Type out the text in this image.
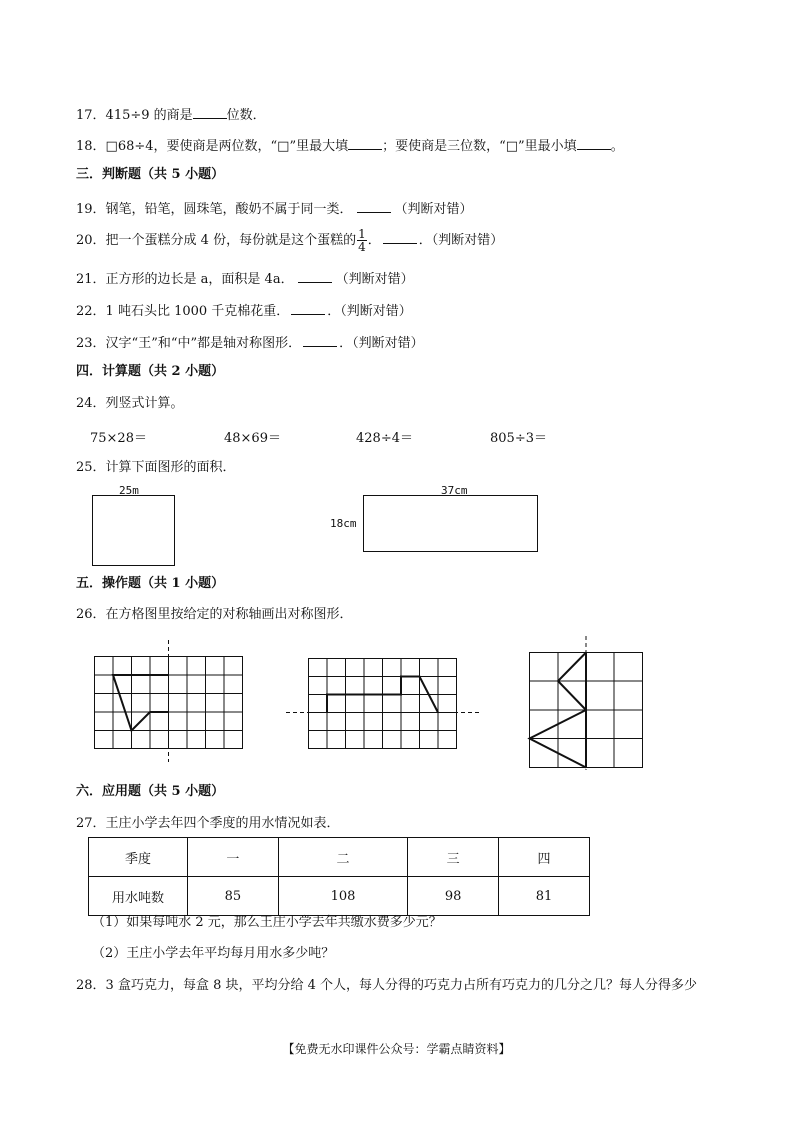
17．415÷9 的商是	位数．
18．□68÷4，要使商是两位数，“□”里最大填	；要使商是三位数，“□”里最小填	。
三．判断题（共 5 小题）
19．钢笔，铅笔，圆珠笔，酸奶不属于同一类．	（判断对错）
20．把一个蛋糕分成 4 份，每份就是这个蛋糕的 $\frac{1}{4}$ ．	．（判断对错）
21．正方形的边长是 a，面积是 4a．	（判断对错）
22．1 吨石头比 1000 千克棉花重．	．（判断对错）
23．汉字“王”和“中”都是轴对称图形．	．（判断对错）
四．计算题（共 2 小题）
24．列竖式计算。
75×28＝	48×69＝	428÷4＝	805÷3＝
25．计算下面图形的面积．
25m	37cm
18cm
五．操作题（共 1 小题）
26．在方格图里按给定的对称轴画出对称图形．
六．应用题（共 5 小题）
27．王庄小学去年四个季度的用水情况如表．
季度	一	二	三	四
用水吨数	85	108	98	81
（1）如果每吨水 2 元，那么王庄小学去年共缴水费多少元？
（2）王庄小学去年平均每月用水多少吨？
28．3 盒巧克力，每盒 8 块，平均分给 4 个人，每人分得的巧克力占所有巧克力的几分之几？每人分得多少
【免费无水印课件公众号：学霸点睛资料】
